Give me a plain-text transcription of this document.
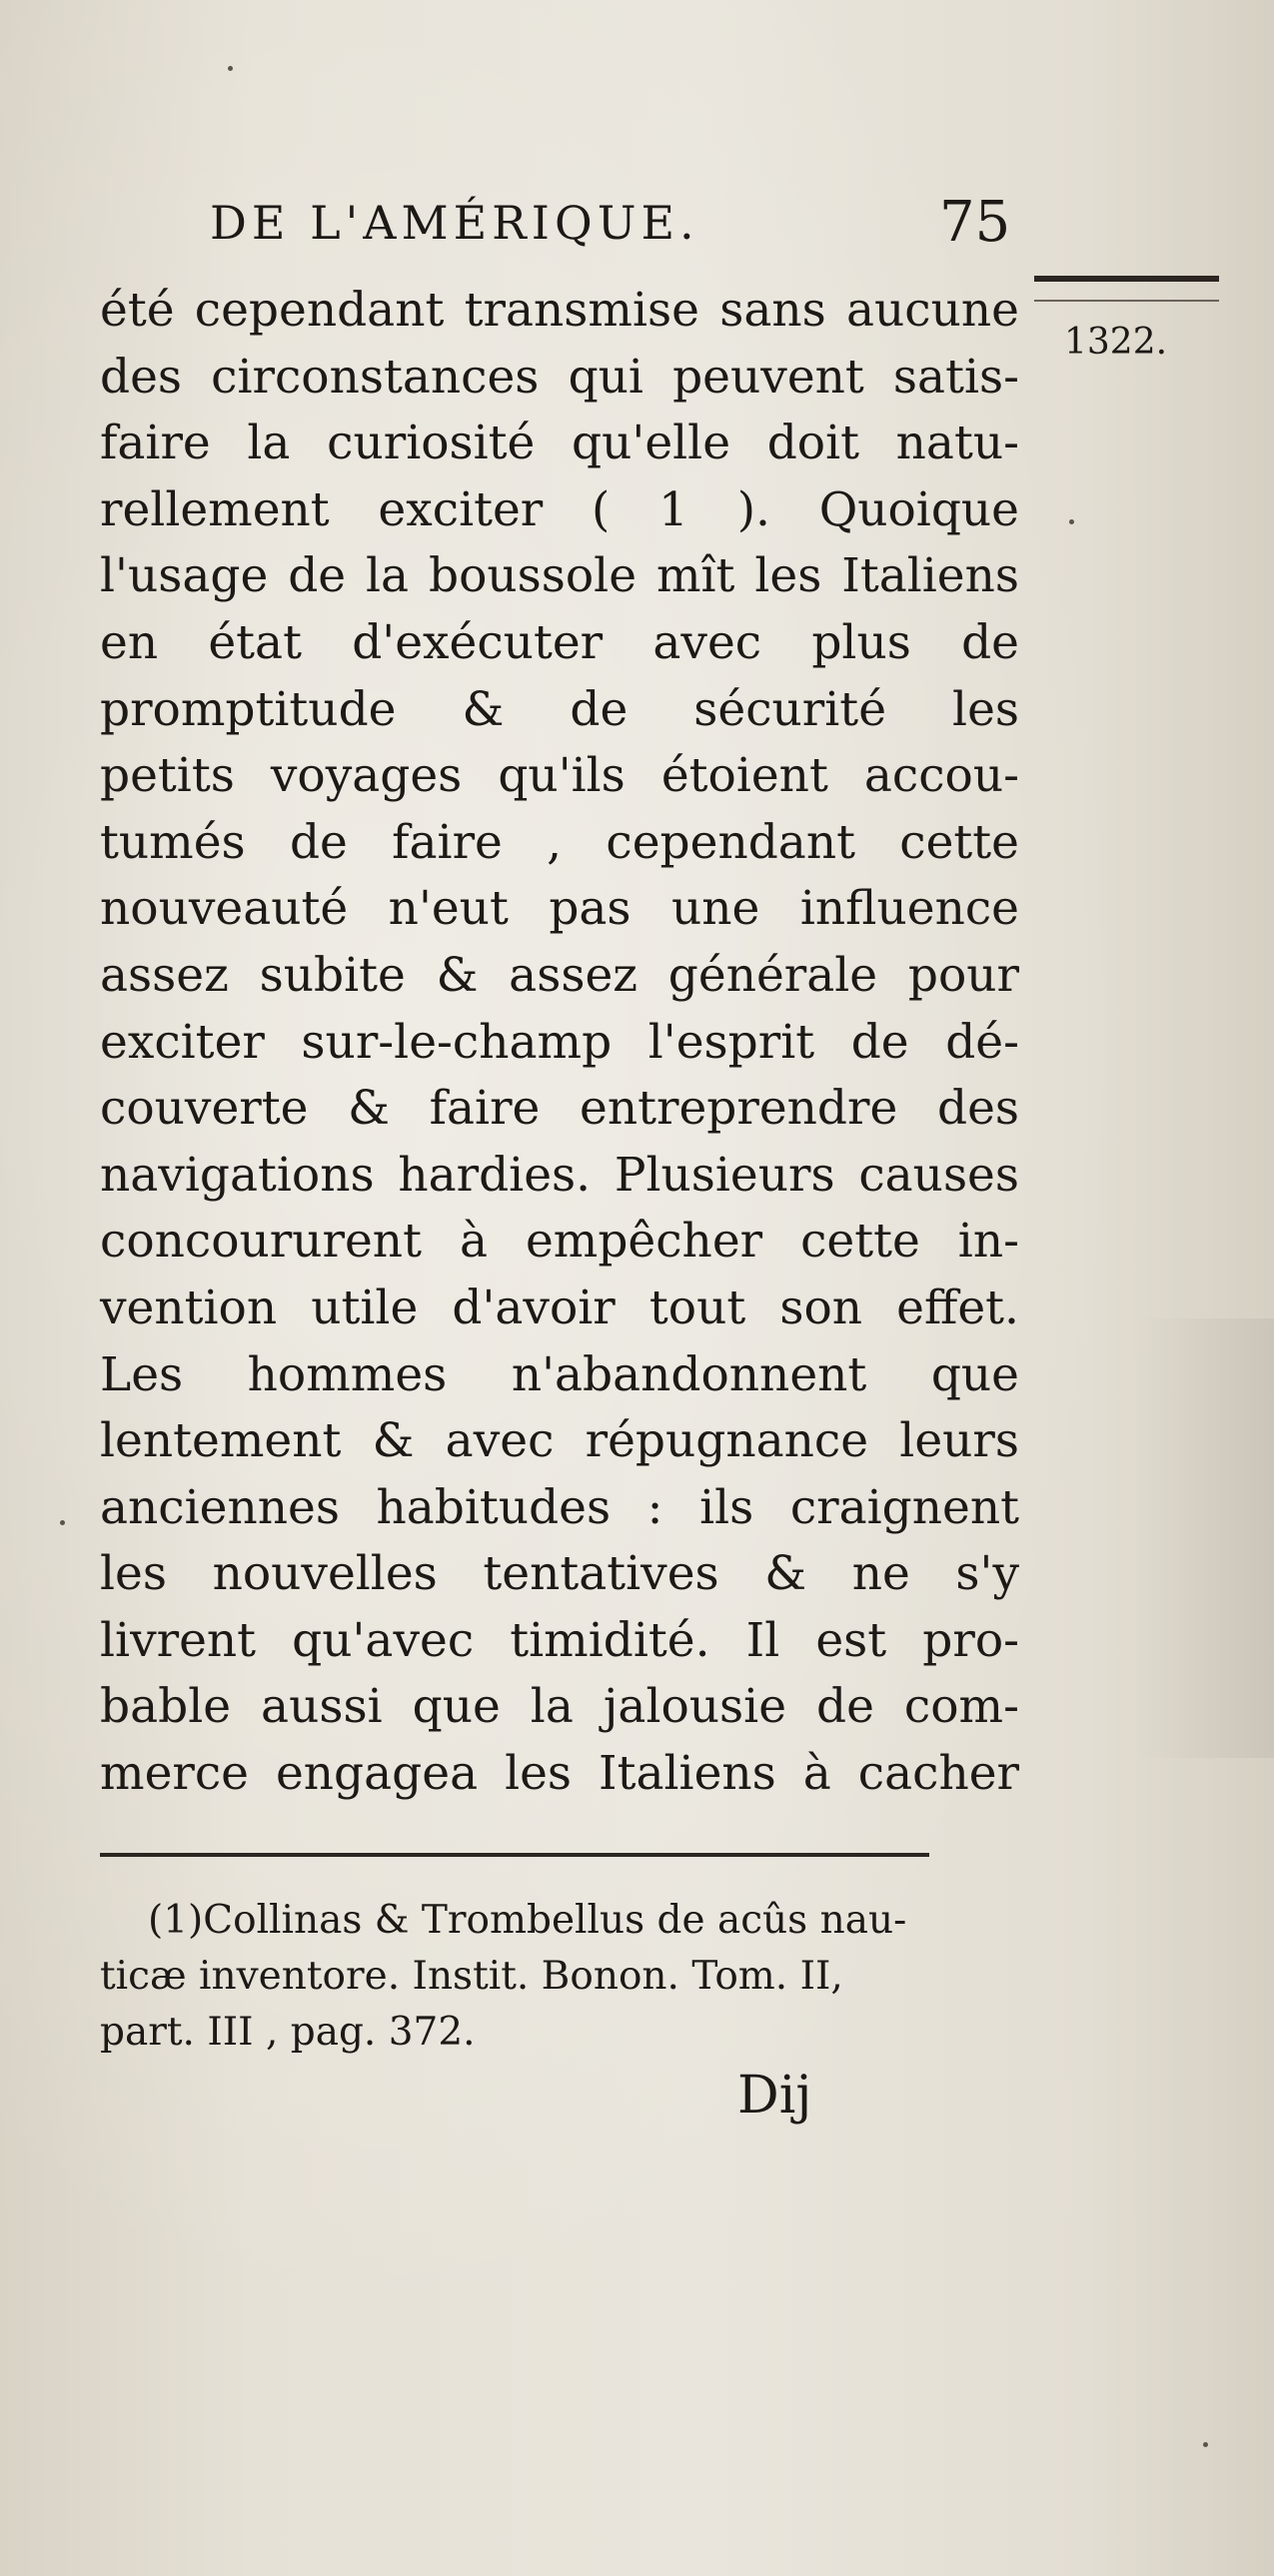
DE L'AMÉRIQUE.	75
1322.
été cependant transmise sans aucune
des circonstances qui peuvent satis-
faire la curiosité qu'elle doit natu-
rellement exciter ( 1 ). Quoique
l'usage de la boussole mît les Italiens
en état d'exécuter avec plus de
promptitude & de sécurité les
petits voyages qu'ils étoient accou-
tumés de faire , cependant cette
nouveauté n'eut pas une influence
assez subite & assez générale pour
exciter sur-le-champ l'esprit de dé-
couverte & faire entreprendre des
navigations hardies. Plusieurs causes
concoururent à empêcher cette in-
vention utile d'avoir tout son effet.
Les hommes n'abandonnent que
lentement & avec répugnance leurs
anciennes habitudes : ils craignent
les nouvelles tentatives & ne s'y
livrent qu'avec timidité. Il est pro-
bable aussi que la jalousie de com-
merce engagea les Italiens à cacher
(1)Collinas & Trombellus de acûs nau-
ticæ inventore. Instit. Bonon. Tom. II,
part. III , pag. 372.
Dij
